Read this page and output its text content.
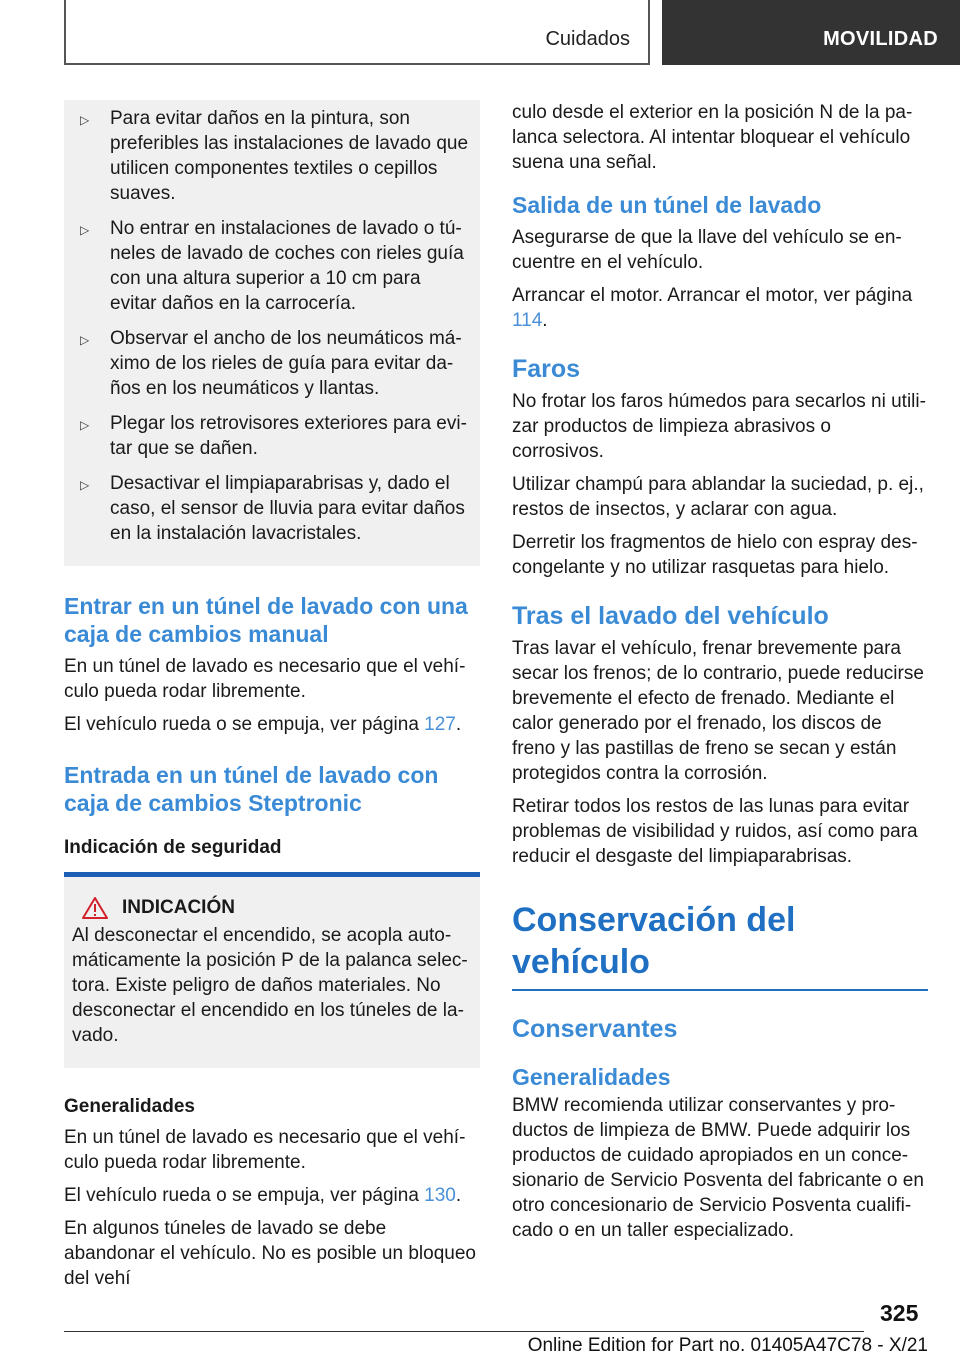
Cuidados	MOVILIDAD
▷	Para evitar daños en la pintura, son preferibles las instalaciones de lavado que utilicen componentes textiles o cepillos suaves.
▷	No entrar en instalaciones de lavado o túneles de lavado de coches con rieles guía con una altura superior a 10 cm para evitar daños en la carrocería.
▷	Observar el ancho de los neumáticos máximo de los rieles de guía para evitar daños en los neumáticos y llantas.
▷	Plegar los retrovisores exteriores para evitar que se dañen.
▷	Desactivar el limpiaparabrisas y, dado el caso, el sensor de lluvia para evitar daños en la instalación lavacristales.
Entrar en un túnel de lavado con una caja de cambios manual

En un túnel de lavado es necesario que el vehículo pueda rodar libremente.

El vehículo rueda o se empuja, ver página 127.

Entrada en un túnel de lavado con caja de cambios Steptronic
Indicación de seguridad
INDICACIÓN

Al desconectar el encendido, se acopla automáticamente la posición P de la palanca selectora. Existe peligro de daños materiales. No desconectar el encendido en los túneles de lavado.

Generalidades

En un túnel de lavado es necesario que el vehículo pueda rodar libremente.

El vehículo rueda o se empuja, ver página 130.

En algunos túneles de lavado se debe abandonar el vehículo. No es posible un bloqueo del vehí

culo desde el exterior en la posición N de la palanca selectora. Al intentar bloquear el vehículo suena una señal.

Salida de un túnel de lavado

Asegurarse de que la llave del vehículo se encuentre en el vehículo.

Arrancar el motor. Arrancar el motor, ver página 114.

Faros

No frotar los faros húmedos para secarlos ni utilizar productos de limpieza abrasivos o corrosivos.

Utilizar champú para ablandar la suciedad, p. ej., restos de insectos, y aclarar con agua.

Derretir los fragmentos de hielo con espray descongelante y no utilizar rasquetas para hielo.

Tras el lavado del vehículo

Tras lavar el vehículo, frenar brevemente para secar los frenos; de lo contrario, puede reducirse brevemente el efecto de frenado. Mediante el calor generado por el frenado, los discos de freno y las pastillas de freno se secan y están protegidos contra la corrosión.

Retirar todos los restos de las lunas para evitar problemas de visibilidad y ruidos, así como para reducir el desgaste del limpiaparabrisas.

Conservación del vehículo
Conservantes
Generalidades

BMW recomienda utilizar conservantes y productos de limpieza de BMW. Puede adquirir los productos de cuidado apropiados en un concesionario de Servicio Posventa del fabricante o en otro concesionario de Servicio Posventa cualificado o en un taller especializado.

325
Online Edition for Part no. 01405A47C78 - X/21
